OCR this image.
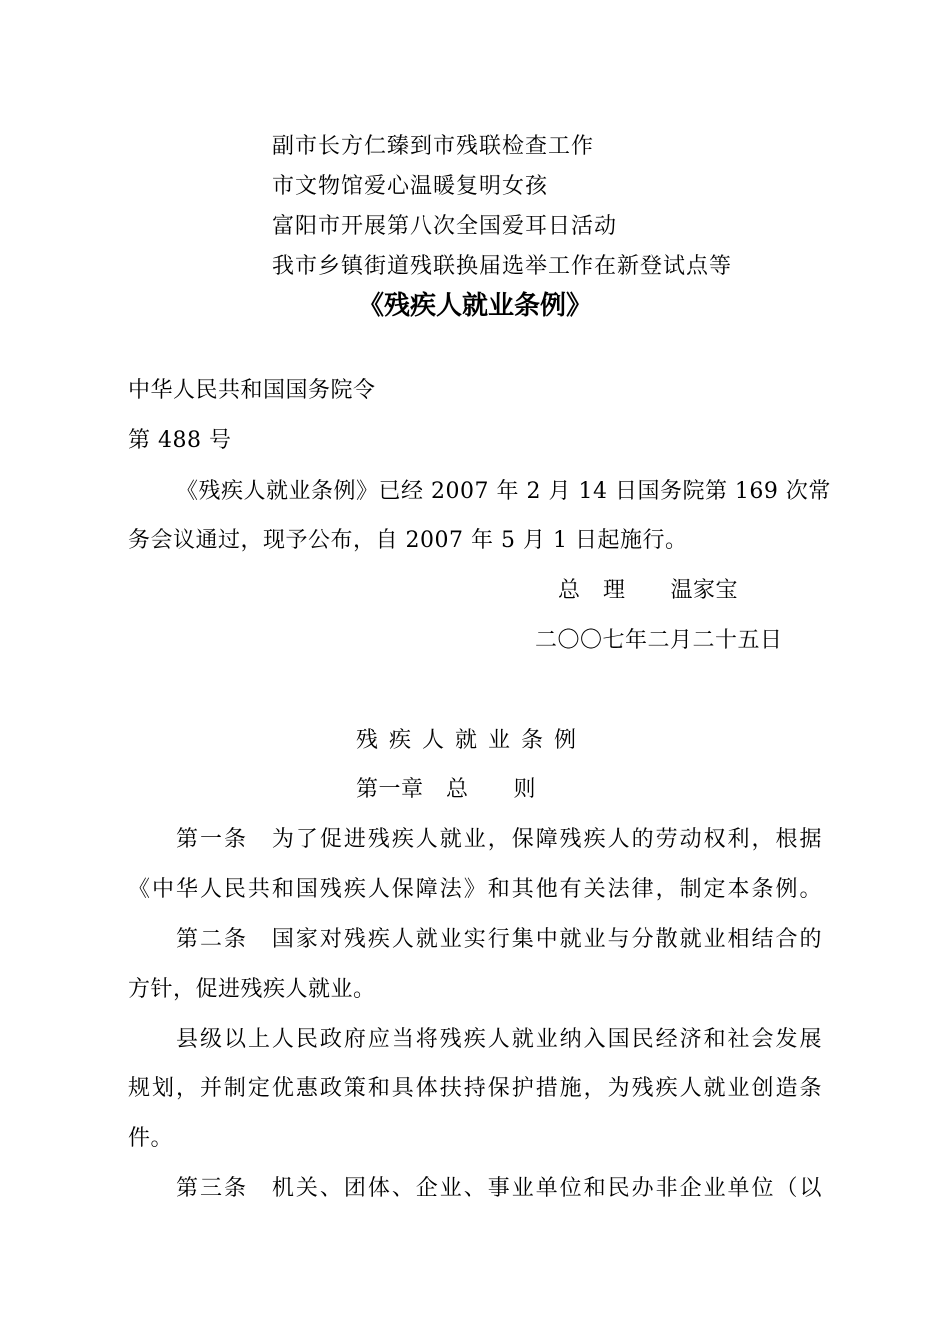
副市长方仁臻到市残联检查工作
市文物馆爱心温暖复明女孩
富阳市开展第八次全国爱耳日活动
我市乡镇街道残联换届选举工作在新登试点等
《残疾人就业条例》
中华人民共和国国务院令
第 488 号
《残疾人就业条例》已经 2007 年 2 月 14 日国务院第 169 次常
务会议通过，现予公布，自 2007 年 5 月 1 日起施行。
总　理　　温家宝
二〇〇七年二月二十五日
残 疾 人 就 业 条 例
第一章　总　　则
第一条　为了促进残疾人就业，保障残疾人的劳动权利，根据
《中华人民共和国残疾人保障法》和其他有关法律，制定本条例。
第二条　国家对残疾人就业实行集中就业与分散就业相结合的
方针，促进残疾人就业。
县级以上人民政府应当将残疾人就业纳入国民经济和社会发展
规划，并制定优惠政策和具体扶持保护措施，为残疾人就业创造条
件。
第三条　机关、团体、企业、事业单位和民办非企业单位（以
